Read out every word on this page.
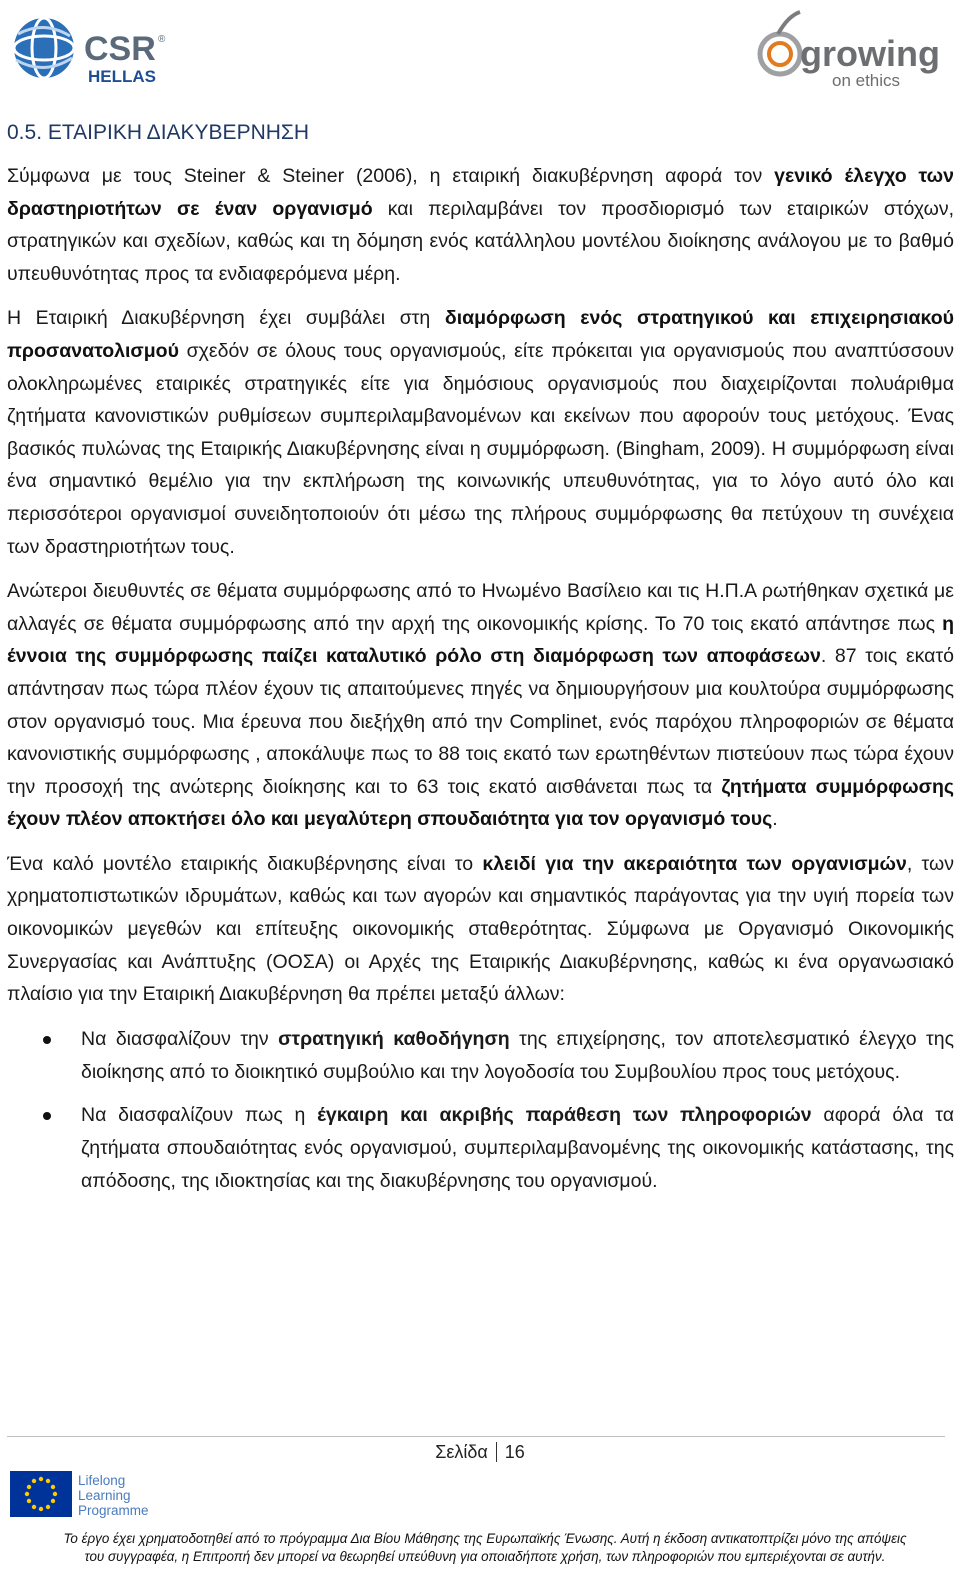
CSR ®
HELLAS
growing
on ethics
0.5. ΕΤΑΙΡΙΚΗ ΔΙΑΚΥΒΕΡΝΗΣΗ

Σύμφωνα με τους Steiner & Steiner (2006), η εταιρική διακυβέρνηση αφορά τον γενικό έλεγχο των δραστηριοτήτων σε έναν οργανισμό και περιλαμβάνει τον προσδιορισμό των εταιρικών στόχων, στρατηγικών και σχεδίων, καθώς και τη δόμηση ενός κατάλληλου μοντέλου διοίκησης ανάλογου με το βαθμό υπευθυνότητας προς τα ενδιαφερόμενα μέρη.

Η Εταιρική Διακυβέρνηση έχει συμβάλει στη διαμόρφωση ενός στρατηγικού και επιχειρησιακού προσανατολισμού σχεδόν σε όλους τους οργανισμούς, είτε πρόκειται για οργανισμούς που αναπτύσσουν ολοκληρωμένες εταιρικές στρατηγικές είτε για δημόσιους οργανισμούς που διαχειρίζονται πολυάριθμα ζητήματα κανονιστικών ρυθμίσεων συμπεριλαμβανομένων και εκείνων που αφορούν τους μετόχους. Ένας βασικός πυλώνας της Εταιρικής Διακυβέρνησης είναι η συμμόρφωση. (Bingham, 2009). Η συμμόρφωση είναι ένα σημαντικό θεμέλιο για την εκπλήρωση της κοινωνικής υπευθυνότητας, για το λόγο αυτό όλο και περισσότεροι οργανισμοί συνειδητοποιούν ότι μέσω της πλήρους συμμόρφωσης θα πετύχουν τη συνέχεια των δραστηριοτήτων τους.

Ανώτεροι διευθυντές σε θέματα συμμόρφωσης από το Ηνωμένο Βασίλειο και τις Η.Π.Α ρωτήθηκαν σχετικά με αλλαγές σε θέματα συμμόρφωσης από την αρχή της οικονομικής κρίσης. Το 70 τοις εκατό απάντησε πως η έννοια της συμμόρφωσης παίζει καταλυτικό ρόλο στη διαμόρφωση των αποφάσεων. 87 τοις εκατό απάντησαν πως τώρα πλέον έχουν τις απαιτούμενες πηγές να δημιουργήσουν μια κουλτούρα συμμόρφωσης στον οργανισμό τους. Μια έρευνα που διεξήχθη από την Complinet, ενός παρόχου πληροφοριών σε θέματα κανονιστικής συμμόρφωσης , αποκάλυψε πως το 88 τοις εκατό των ερωτηθέντων πιστεύουν πως τώρα έχουν την προσοχή της ανώτερης διοίκησης και το 63 τοις εκατό αισθάνεται πως τα ζητήματα συμμόρφωσης έχουν πλέον αποκτήσει όλο και μεγαλύτερη σπουδαιότητα για τον οργανισμό τους.

Ένα καλό μοντέλο εταιρικής διακυβέρνησης είναι το κλειδί για την ακεραιότητα των οργανισμών, των χρηματοπιστωτικών ιδρυμάτων, καθώς και των αγορών και σημαντικός παράγοντας για την υγιή πορεία των οικονομικών μεγεθών και επίτευξης οικονομικής σταθερότητας. Σύμφωνα με Οργανισμό Οικονομικής Συνεργασίας και Ανάπτυξης (ΟΟΣΑ) οι Αρχές της Εταιρικής Διακυβέρνησης, καθώς κι ένα οργανωσιακό πλαίσιο για την Εταιρική Διακυβέρνηση θα πρέπει μεταξύ άλλων:

Να διασφαλίζουν την στρατηγική καθοδήγηση της επιχείρησης, τον αποτελεσματικό έλεγχο της διοίκησης από το διοικητικό συμβούλιο και την λογοδοσία του Συμβουλίου προς τους μετόχους.
Να διασφαλίζουν πως η έγκαιρη και ακριβής παράθεση των πληροφοριών αφορά όλα τα ζητήματα σπουδαιότητας ενός οργανισμού, συμπεριλαμβανομένης της οικονομικής κατάστασης, της απόδοσης, της ιδιοκτησίας και της διακυβέρνησης του οργανισμού.
Σελίδα 16
Lifelong
Learning
Programme
Το έργο έχει χρηματοδοτηθεί από το πρόγραμμα Δια Βίου Μάθησης της Ευρωπαϊκής Ένωσης. Αυτή η έκδοση αντικατοπτρίζει μόνο της απόψεις
του συγγραφέα, η Επιτροπή δεν μπορεί να θεωρηθεί υπεύθυνη για οποιαδήποτε χρήση, των πληροφοριών που εμπεριέχονται σε αυτήν.
